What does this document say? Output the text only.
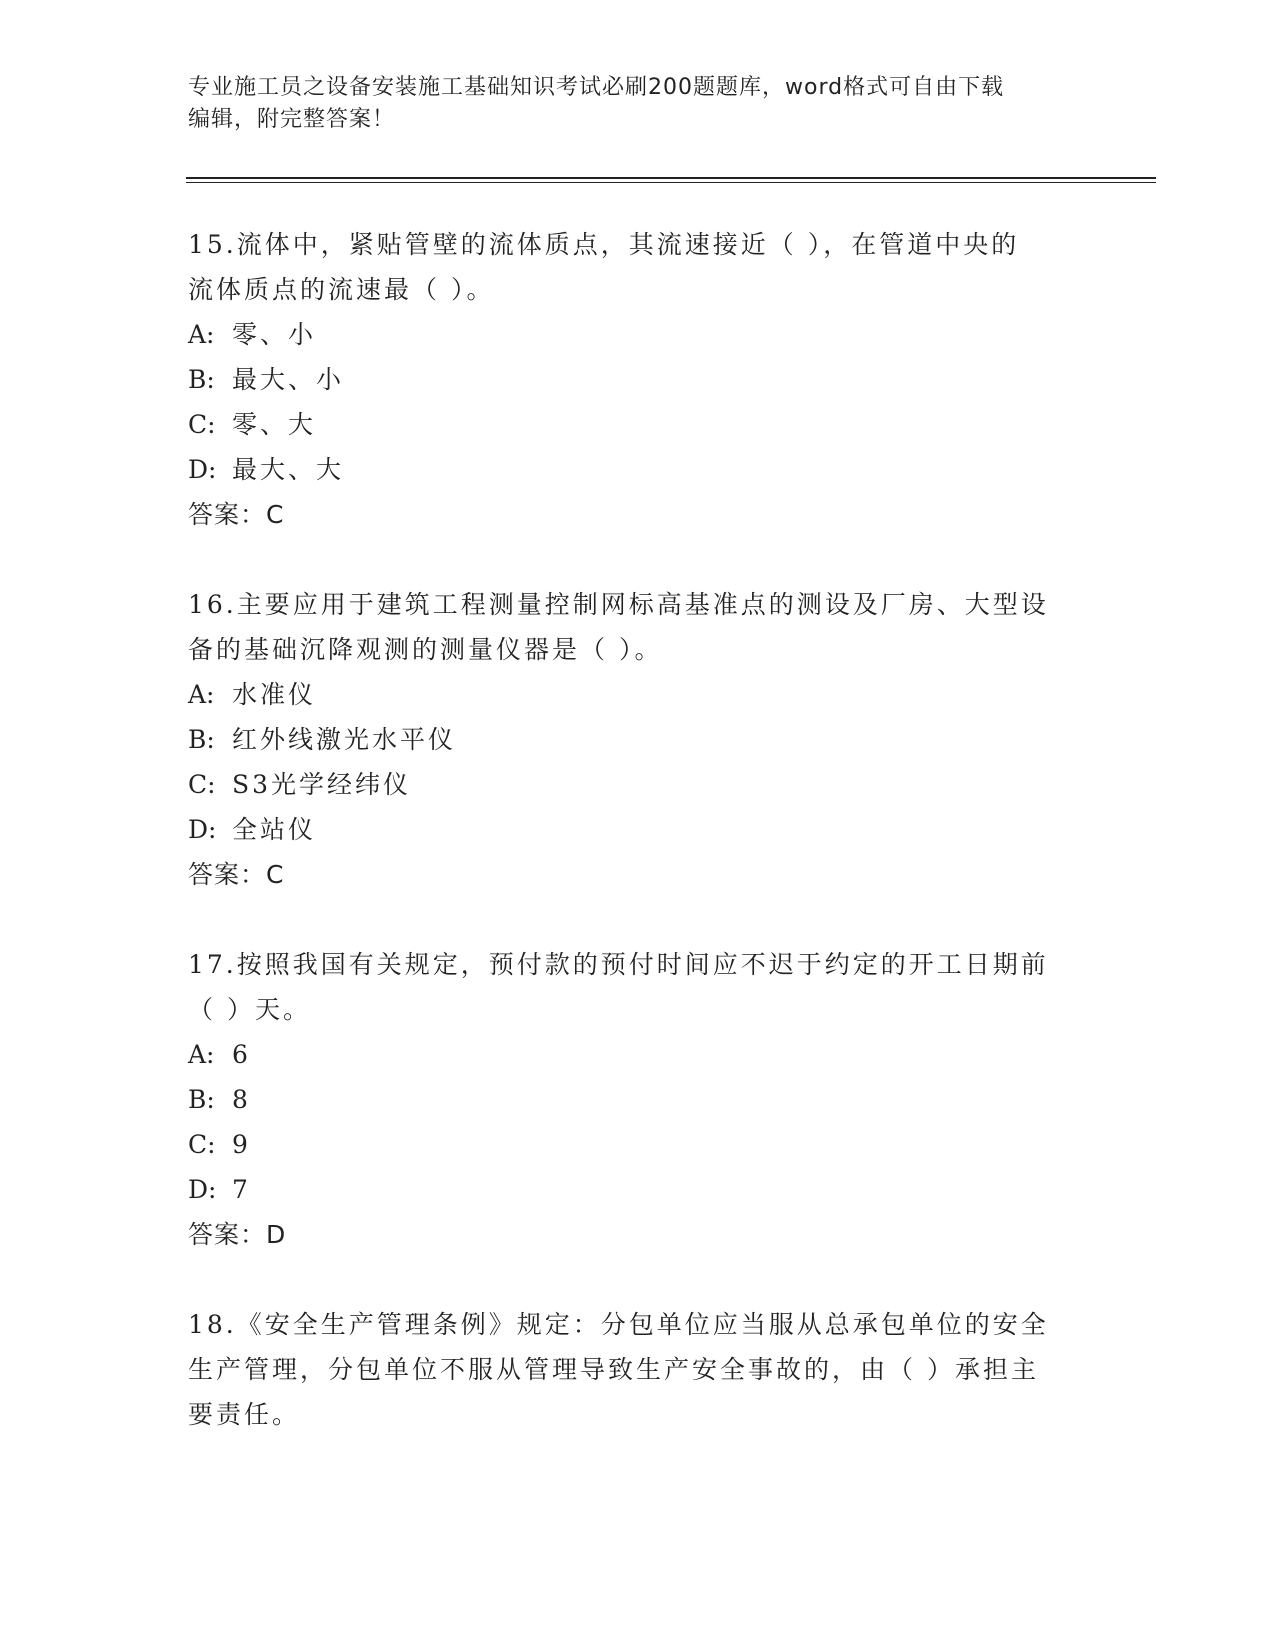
专业施工员之设备安装施工基础知识考试必刷200题题库，word格式可自由下载
编辑，附完整答案！

15.流体中，紧贴管壁的流体质点，其流速接近（ ），在管道中央的

流体质点的流速最（ ）。

A: 零、小

B: 最大、小

C: 零、大

D: 最大、大

答案：C

16.主要应用于建筑工程测量控制网标高基准点的测设及厂房、大型设

备的基础沉降观测的测量仪器是（ ）。

A: 水准仪

B: 红外线激光水平仪

C: S3光学经纬仪

D: 全站仪

答案：C

17.按照我国有关规定，预付款的预付时间应不迟于约定的开工日期前

（ ）天。

A: 6

B: 8

C: 9

D: 7

答案：D

18.《安全生产管理条例》规定：分包单位应当服从总承包单位的安全

生产管理，分包单位不服从管理导致生产安全事故的，由（ ）承担主

要责任。
